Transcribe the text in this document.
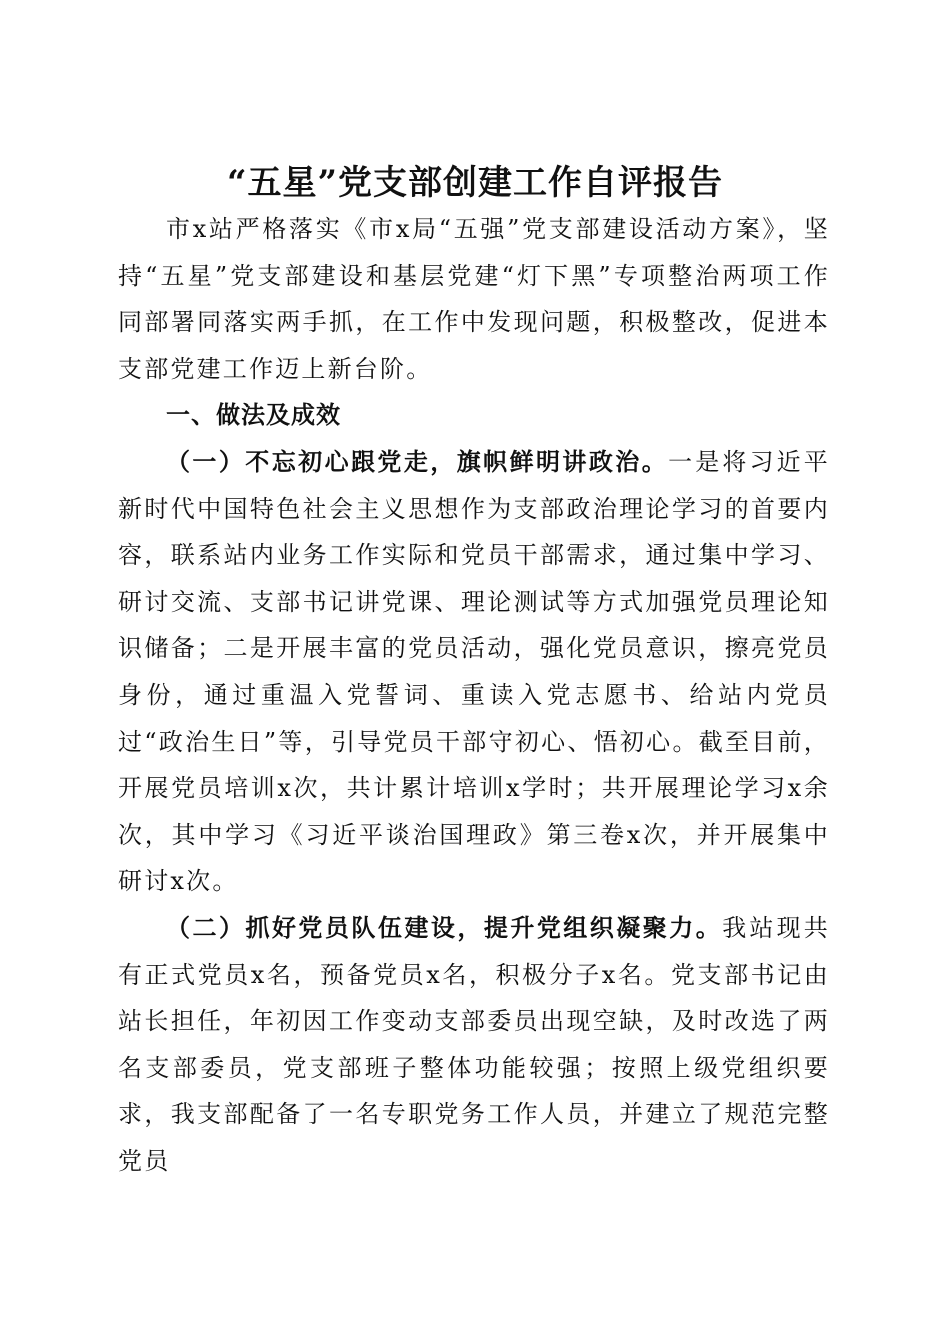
“五星”党支部创建工作自评报告

市x站严格落实《市x局“五强”党支部建设活动方案》，坚持“五星”党支部建设和基层党建“灯下黑”专项整治两项工作同部署同落实两手抓，在工作中发现问题，积极整改，促进本支部党建工作迈上新台阶。

一、做法及成效

（一）不忘初心跟党走，旗帜鲜明讲政治。一是将习近平新时代中国特色社会主义思想作为支部政治理论学习的首要内容，联系站内业务工作实际和党员干部需求，通过集中学习、研讨交流、支部书记讲党课、理论测试等方式加强党员理论知识储备；二是开展丰富的党员活动，强化党员意识，擦亮党员身份，通过重温入党誓词、重读入党志愿书、给站内党员过“政治生日”等，引导党员干部守初心、悟初心。截至目前，开展党员培训x次，共计累计培训x学时；共开展理论学习x余次，其中学习《习近平谈治国理政》第三卷x次，并开展集中研讨x次。

（二）抓好党员队伍建设，提升党组织凝聚力。我站现共有正式党员x名，预备党员x名，积极分子x名。党支部书记由站长担任，年初因工作变动支部委员出现空缺，及时改选了两名支部委员，党支部班子整体功能较强；按照上级党组织要求，我支部配备了一名专职党务工作人员，并建立了规范完整党员
